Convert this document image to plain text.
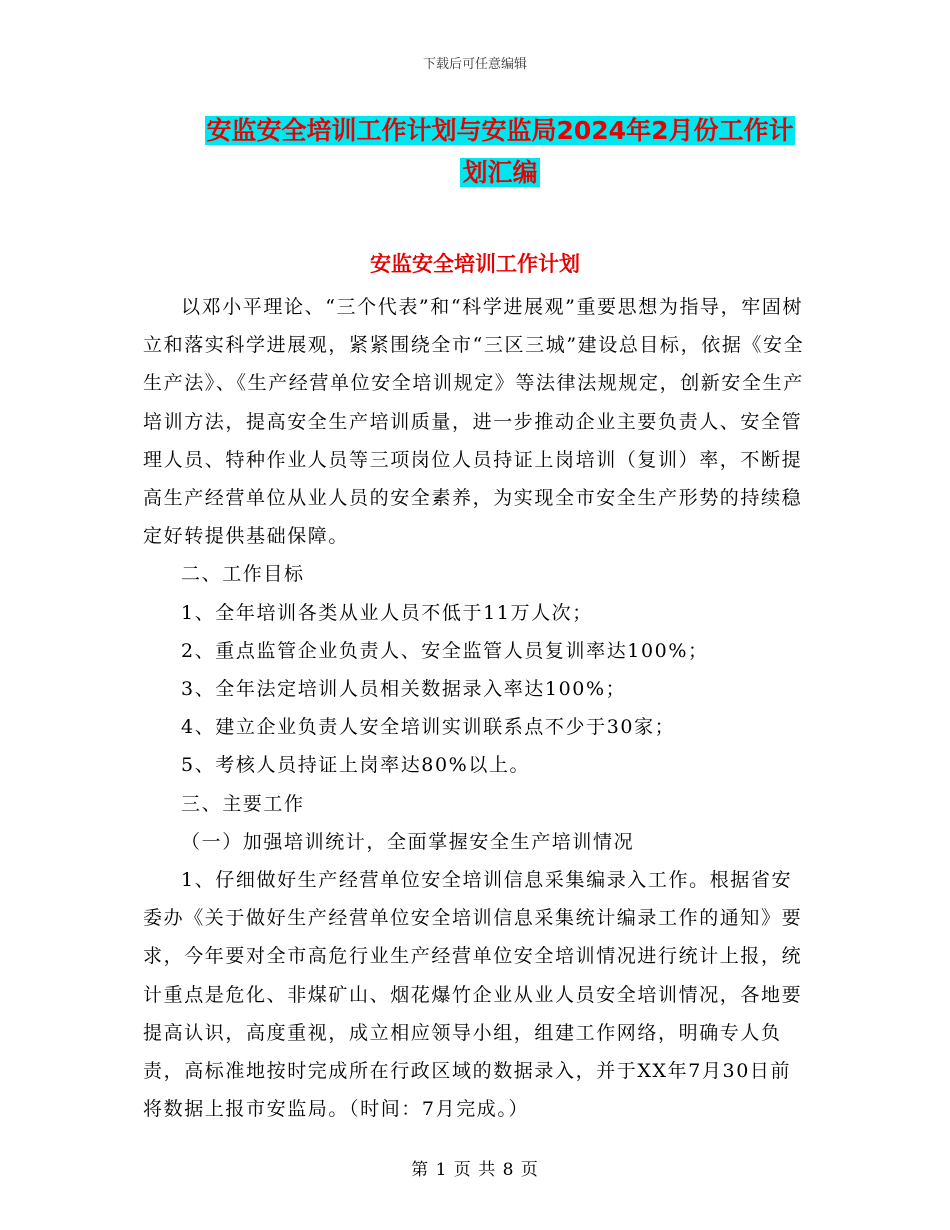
下载后可任意编辑
安监安全培训工作计划与安监局2024年2月份工作计
划汇编
安监安全培训工作计划

以邓小平理论、“三个代表”和“科学进展观”重要思想为指导，牢固树立和落实科学进展观，紧紧围绕全市“三区三城”建设总目标，依据《安全生产法》、《生产经营单位安全培训规定》等法律法规规定，创新安全生产培训方法，提高安全生产培训质量，进一步推动企业主要负责人、安全管理人员、特种作业人员等三项岗位人员持证上岗培训（复训）率，不断提高生产经营单位从业人员的安全素养，为实现全市安全生产形势的持续稳定好转提供基础保障。

二、工作目标

1、全年培训各类从业人员不低于11万人次；

2、重点监管企业负责人、安全监管人员复训率达100%；

3、全年法定培训人员相关数据录入率达100%；

4、建立企业负责人安全培训实训联系点不少于30家；

5、考核人员持证上岗率达80%以上。

三、主要工作

（一）加强培训统计，全面掌握安全生产培训情况

1、仔细做好生产经营单位安全培训信息采集编录入工作。根据省安委办《关于做好生产经营单位安全培训信息采集统计编录工作的通知》要求，今年要对全市高危行业生产经营单位安全培训情况进行统计上报，统计重点是危化、非煤矿山、烟花爆竹企业从业人员安全培训情况，各地要提高认识，高度重视，成立相应领导小组，组建工作网络，明确专人负责，高标准地按时完成所在行政区域的数据录入，并于XX年7月30日前将数据上报市安监局。（时间：7月完成。）

第 1 页 共 8 页
